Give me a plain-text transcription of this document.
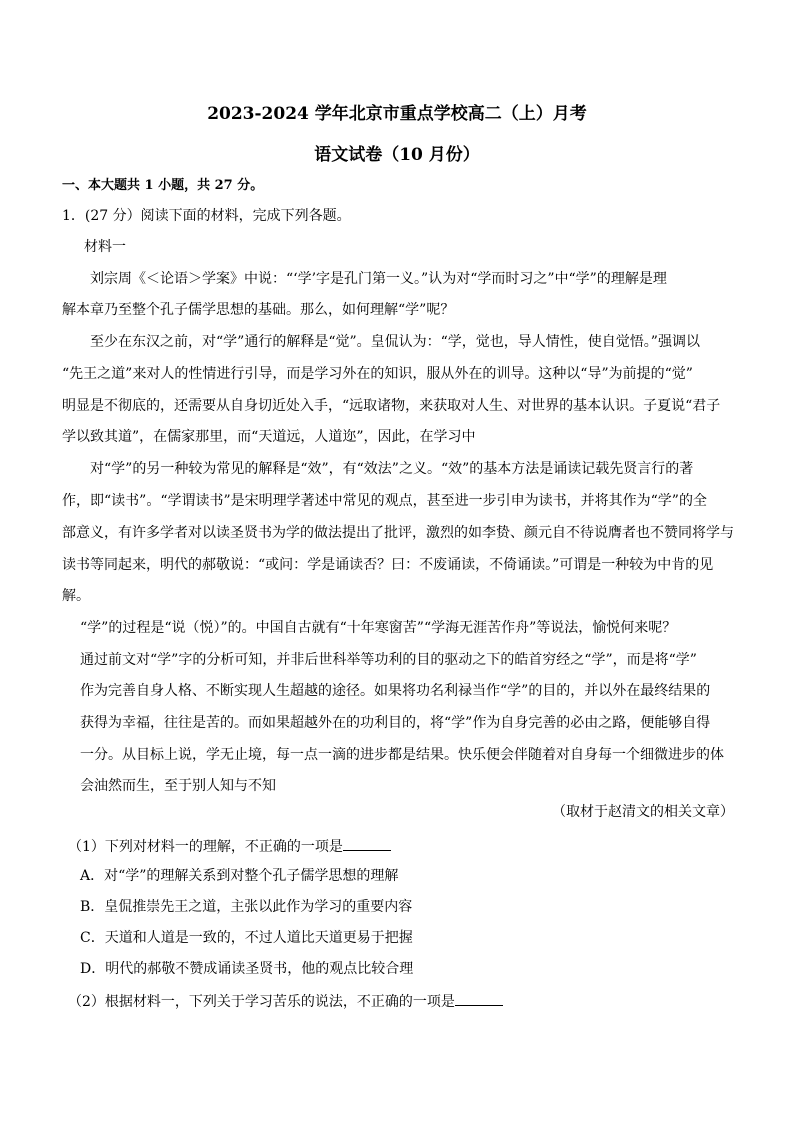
2023-2024 学年北京市重点学校高二（上）月考
语文试卷（10 月份）
一、本大题共 1 小题，共 27 分。
1．(27 分）阅读下面的材料，完成下列各题。
材料一
刘宗周《＜论语＞学案》中说：“‘学’字是孔门第一义。”认为对“学而时习之”中“学”的理解是理
解本章乃至整个孔子儒学思想的基础。那么，如何理解“学”呢？
至少在东汉之前，对“学”通行的解释是“觉”。皇侃认为：“学，觉也，导人情性，使自觉悟。”强调以
“先王之道”来对人的性情进行引导，而是学习外在的知识，服从外在的训导。这种以“导”为前提的“觉”
明显是不彻底的，还需要从自身切近处入手，“远取诸物，来获取对人生、对世界的基本认识。子夏说“君子
学以致其道”，在儒家那里，而“天道远，人道迩”，因此，在学习中
对“学”的另一种较为常见的解释是“效”，有“效法”之义。“效”的基本方法是诵读记载先贤言行的著
作，即“读书”。“学谓读书”是宋明理学著述中常见的观点，甚至进一步引申为读书，并将其作为“学”的全
部意义，有许多学者对以读圣贤书为学的做法提出了批评，激烈的如李贽、颜元自不待说膺者也不赞同将学与
读书等同起来，明代的郝敬说：“或问：学是诵读否？曰：不废诵读，不倚诵读。”可谓是一种较为中肯的见
解。
“学”的过程是“说（悦）”的。中国自古就有“十年寒窗苦”“学海无涯苦作舟”等说法，愉悦何来呢？
通过前文对“学”字的分析可知，并非后世科举等功利的目的驱动之下的皓首穷经之“学”，而是将“学”
作为完善自身人格、不断实现人生超越的途径。如果将功名利禄当作“学”的目的，并以外在最终结果的
获得为幸福，往往是苦的。而如果超越外在的功利目的，将“学”作为自身完善的必由之路，便能够自得
一分。从目标上说，学无止境，每一点一滴的进步都是结果。快乐便会伴随着对自身每一个细微进步的体
会油然而生，至于别人知与不知
（取材于赵清文的相关文章）
（1）下列对材料一的理解，不正确的一项是
A．对“学”的理解关系到对整个孔子儒学思想的理解
B．皇侃推崇先王之道，主张以此作为学习的重要内容
C．天道和人道是一致的，不过人道比天道更易于把握
D．明代的郝敬不赞成诵读圣贤书，他的观点比较合理
（2）根据材料一，下列关于学习苦乐的说法，不正确的一项是
